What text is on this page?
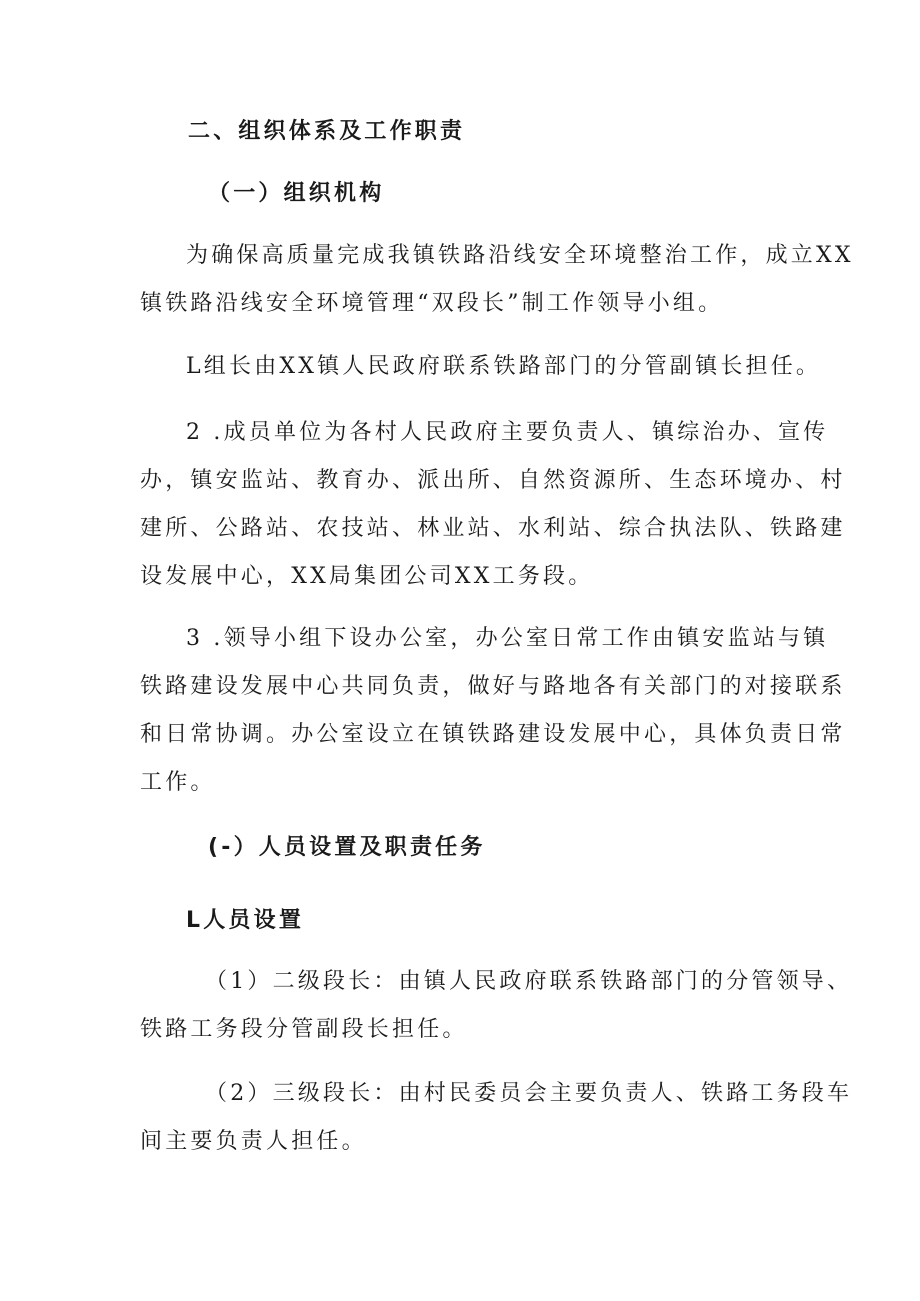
二、组织体系及工作职责
（一）组织机构
为确保高质量完成我镇铁路沿线安全环境整治工作，成立XX
镇铁路沿线安全环境管理“双段长”制工作领导小组。
L组长由XX镇人民政府联系铁路部门的分管副镇长担任。
2 .成员单位为各村人民政府主要负责人、镇综治办、宣传
办，镇安监站、教育办、派出所、自然资源所、生态环境办、村
建所、公路站、农技站、林业站、水利站、综合执法队、铁路建
设发展中心，XX局集团公司XX工务段。
3 .领导小组下设办公室，办公室日常工作由镇安监站与镇
铁路建设发展中心共同负责，做好与路地各有关部门的对接联系
和日常协调。办公室设立在镇铁路建设发展中心，具体负责日常
工作。
(-）人员设置及职责任务
L人员设置
（1）二级段长：由镇人民政府联系铁路部门的分管领导、
铁路工务段分管副段长担任。
（2）三级段长：由村民委员会主要负责人、铁路工务段车
间主要负责人担任。
